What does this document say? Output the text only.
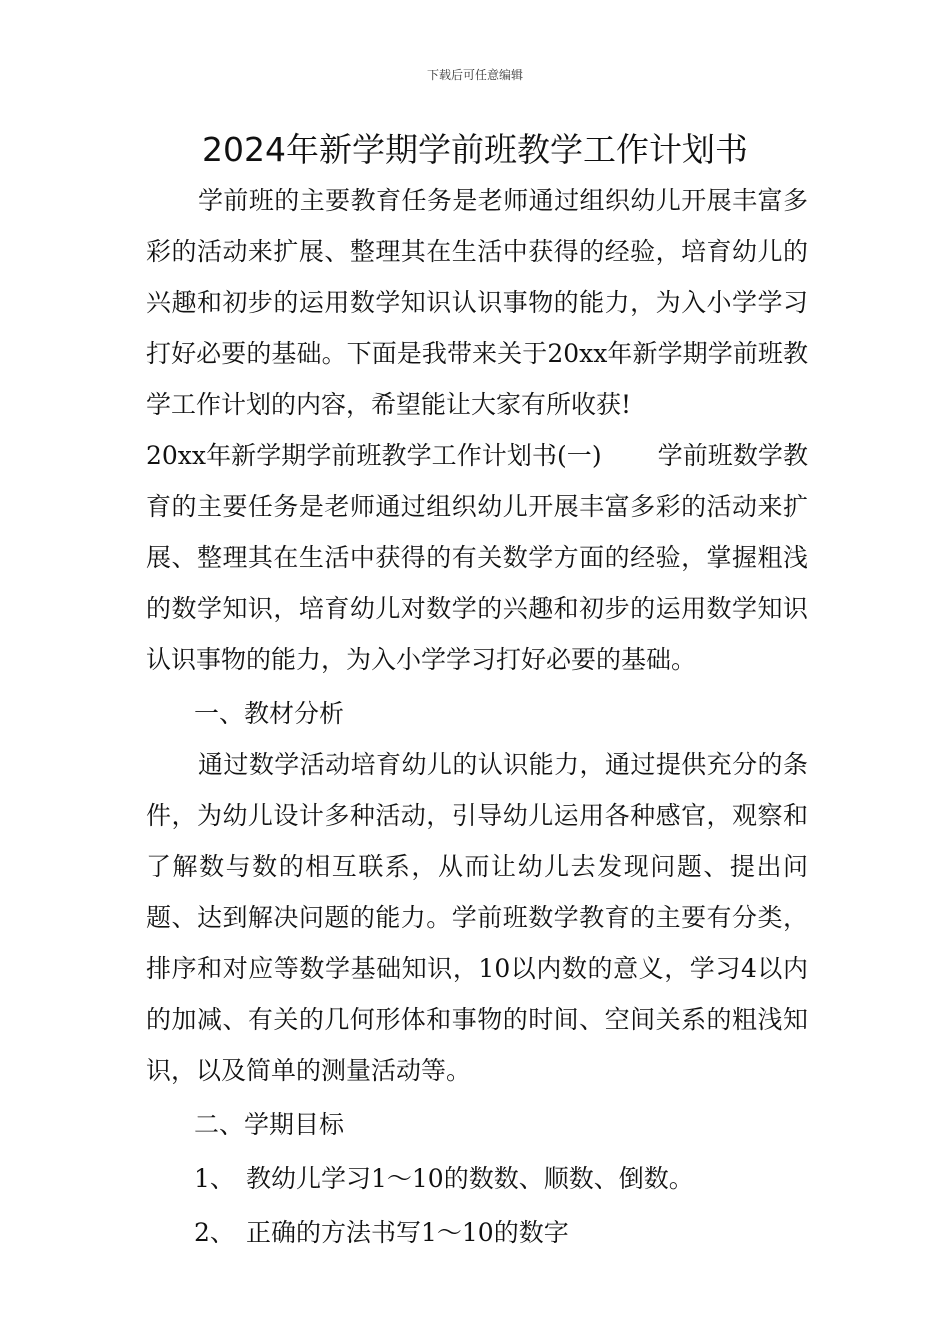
下载后可任意编辑
2024年新学期学前班教学工作计划书

学前班的主要教育任务是老师通过组织幼儿开展丰富多彩的活动来扩展、整理其在生活中获得的经验，培育幼儿的兴趣和初步的运用数学知识认识事物的能力，为入小学学习打好必要的基础。下面是我带来关于20xx年新学期学前班教学工作计划的内容，希望能让大家有所收获!

20xx年新学期学前班教学工作计划书(一) 学前班数学教育的主要任务是老师通过组织幼儿开展丰富多彩的活动来扩展、整理其在生活中获得的有关数学方面的经验，掌握粗浅的数学知识，培育幼儿对数学的兴趣和初步的运用数学知识认识事物的能力，为入小学学习打好必要的基础。

一、教材分析

通过数学活动培育幼儿的认识能力，通过提供充分的条件，为幼儿设计多种活动，引导幼儿运用各种感官，观察和了解数与数的相互联系，从而让幼儿去发现问题、提出问题、达到解决问题的能力。学前班数学教育的主要有分类，排序和对应等数学基础知识，10以内数的意义，学习4以内的加减、有关的几何形体和事物的时间、空间关系的粗浅知识，以及简单的测量活动等。

二、学期目标

1、 教幼儿学习1～10的数数、顺数、倒数。

2、 正确的方法书写1～10的数字
